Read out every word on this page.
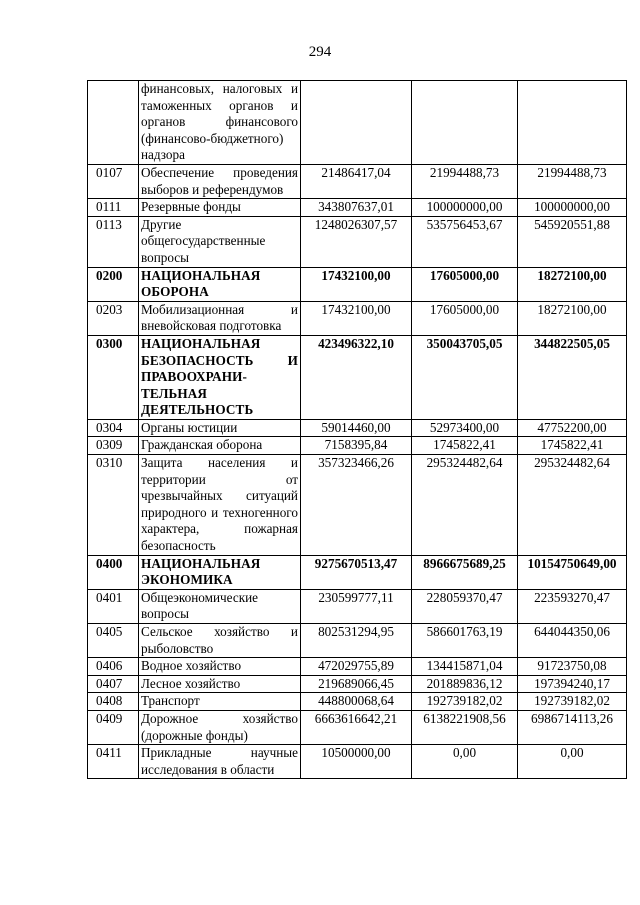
294
	финансовых, налоговых и таможенных органов и органов финансового (финансово-бюджетного) надзора			
0107	Обеспечение проведения выборов и референдумов	21486417,04	21994488,73	21994488,73
0111	Резервные фонды	343807637,01	100000000,00	100000000,00
0113	Другие общегосударственные вопросы	1248026307,57	535756453,67	545920551,88
0200	НАЦИОНАЛЬНАЯ ОБОРОНА	17432100,00	17605000,00	18272100,00
0203	Мобилизационная и вневойсковая подготовка	17432100,00	17605000,00	18272100,00
0300	НАЦИОНАЛЬНАЯ БЕЗОПАСНОСТЬ И ПРАВООХРАНИ-ТЕЛЬНАЯ ДЕЯТЕЛЬНОСТЬ	423496322,10	350043705,05	344822505,05
0304	Органы юстиции	59014460,00	52973400,00	47752200,00
0309	Гражданская оборона	7158395,84	1745822,41	1745822,41
0310	Защита населения и территории от чрезвычайных ситуаций природного и техногенного характера, пожарная безопасность	357323466,26	295324482,64	295324482,64
0400	НАЦИОНАЛЬНАЯ ЭКОНОМИКА	9275670513,47	8966675689,25	10154750649,00
0401	Общеэкономические вопросы	230599777,11	228059370,47	223593270,47
0405	Сельское хозяйство и рыболовство	802531294,95	586601763,19	644044350,06
0406	Водное хозяйство	472029755,89	134415871,04	91723750,08
0407	Лесное хозяйство	219689066,45	201889836,12	197394240,17
0408	Транспорт	448800068,64	192739182,02	192739182,02
0409	Дорожное хозяйство (дорожные фонды)	6663616642,21	6138221908,56	6986714113,26
0411	Прикладные научные исследования в области	10500000,00	0,00	0,00
